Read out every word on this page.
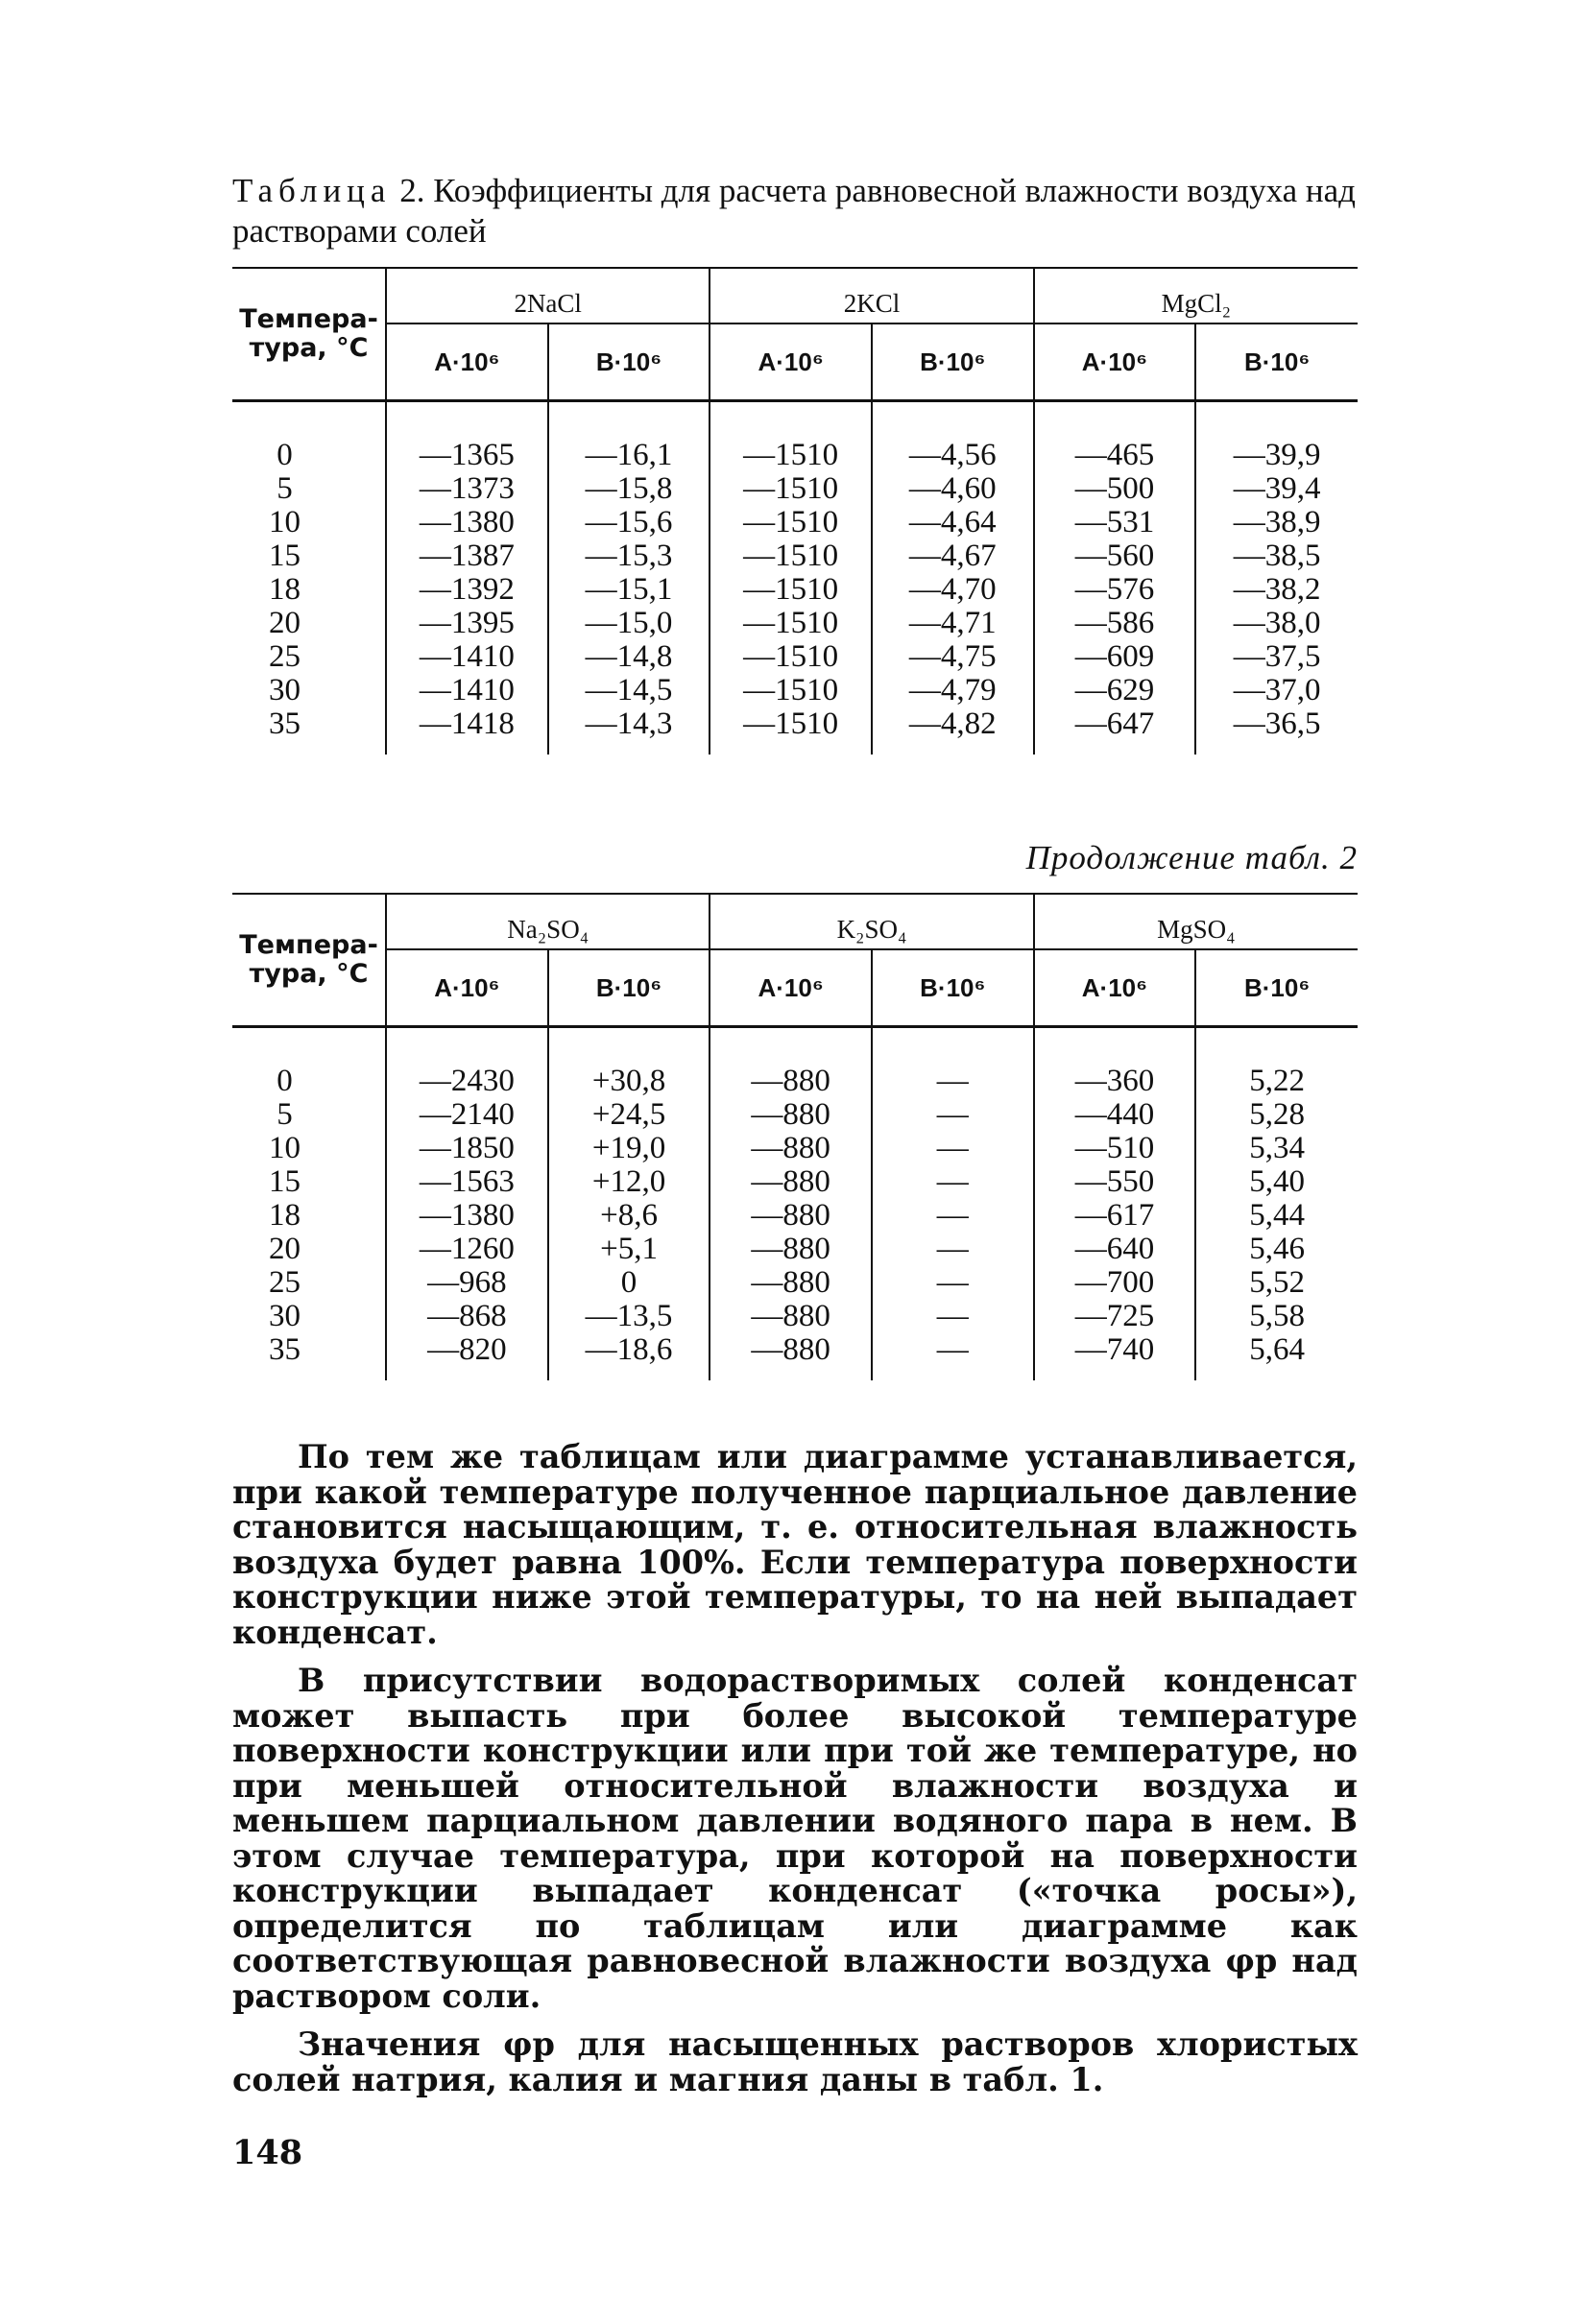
Таблица 2. Коэффициенты для расчета равновесной влажности воздуха над растворами солей
Темпера-тура, °С	2NaCl		2KCl		MgCl₂	
	A·10⁶	B·10⁶	A·10⁶	B·10⁶	A·10⁶	B·10⁶
0	—1365	—16,1	—1510	—4,56	—465	—39,9
5	—1373	—15,8	—1510	—4,60	—500	—39,4
10	—1380	—15,6	—1510	—4,64	—531	—38,9
15	—1387	—15,3	—1510	—4,67	—560	—38,5
18	—1392	—15,1	—1510	—4,70	—576	—38,2
20	—1395	—15,0	—1510	—4,71	—586	—38,0
25	—1410	—14,8	—1510	—4,75	—609	—37,5
30	—1410	—14,5	—1510	—4,79	—629	—37,0
35	—1418	—14,3	—1510	—4,82	—647	—36,5
Продолжение табл. 2
Темпера-тура, °С	Na₂SO₄		K₂SO₄		MgSO₄	
	A·10⁶	B·10⁶	A·10⁶	B·10⁶	A·10⁶	B·10⁶
0	—2430	+30,8	—880	—	—360	5,22
5	—2140	+24,5	—880	—	—440	5,28
10	—1850	+19,0	—880	—	—510	5,34
15	—1563	+12,0	—880	—	—550	5,40
18	—1380	+8,6	—880	—	—617	5,44
20	—1260	+5,1	—880	—	—640	5,46
25	—968	0	—880	—	—700	5,52
30	—868	—13,5	—880	—	—725	5,58
35	—820	—18,6	—880	—	—740	5,64

По тем же таблицам или диаграмме устанавливается, при какой температуре полученное парциальное давление становится насыщающим, т. е. относительная влажность воздуха будет равна 100%. Если температура поверхности конструкции ниже этой температуры, то на ней выпадает конденсат.

В присутствии водорастворимых солей конденсат может выпасть при более высокой температуре поверхности конструкции или при той же температуре, но при меньшей относительной влажности воздуха и меньшем парциальном давлении водяного пара в нем. В этом случае температура, при которой на поверхности конструкции выпадает конденсат («точка росы»), определится по таблицам или диаграмме как соответствующая равновесной влажности воздуха φр над раствором соли.

Значения φр для насыщенных растворов хлористых солей натрия, калия и магния даны в табл. 1.

148
